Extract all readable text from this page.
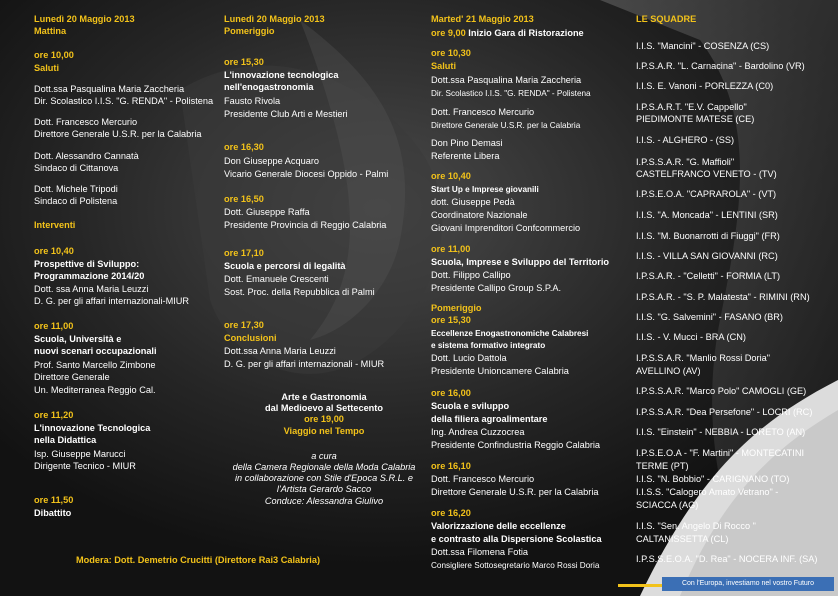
Lunedì 20 Maggio 2013

Mattina

ore 10,00

Saluti

Dott.ssa Pasqualina Maria Zaccheria

Dir. Scolastico I.I.S. "G. RENDA" - Polistena

Dott. Francesco Mercurio

Direttore Generale U.S.R. per la Calabria

Dott. Alessandro Cannatà

Sindaco di Cittanova

Dott. Michele Tripodi

Sindaco di Polistena

Interventi

ore 10,40

Prospettive di Sviluppo:

Programmazione 2014/20

Dott. ssa Anna Maria Leuzzi

D. G. per gli affari internazionali-MIUR

ore 11,00

Scuola, Università e

nuovi scenari occupazionali

Prof. Santo Marcello Zimbone

Direttore Generale

Un. Mediterranea Reggio Cal.

ore 11,20

L'innovazione Tecnologica

nella Didattica

Isp. Giuseppe Marucci

Dirigente Tecnico - MIUR

ore 11,50

Dibattito

Lunedì 20 Maggio 2013

Pomeriggio

ore 15,30

L'innovazione tecnologica

nell'enogastronomia

Fausto Rivola

Presidente Club Arti e Mestieri

ore 16,30

Don Giuseppe Acquaro

Vicario Generale Diocesi Oppido - Palmi

ore 16,50

Dott. Giuseppe Raffa

Presidente Provincia di Reggio Calabria

ore 17,10

Scuola e percorsi di legalità

Dott. Emanuele Crescenti

Sost. Proc. della Repubblica di Palmi

ore 17,30

Conclusioni

Dott.ssa Anna Maria Leuzzi

D. G. per gli affari internazionali - MIUR

Arte e Gastronomia

dal Medioevo al Settecento

ore 19,00

Viaggio nel Tempo

a cura

della Camera Regionale della Moda Calabria

in collaborazione con Stile d'Epoca S.R.L. e

l'Artista Gerardo Sacco

Conduce: Alessandra Giulivo

Marted' 21 Maggio 2013

ore 9,00 Inizio Gara di Ristorazione

ore 10,30

Saluti

Dott.ssa Pasqualina Maria Zaccheria

Dir. Scolastico I.I.S. "G. RENDA" - Polistena

Dott. Francesco Mercurio

Direttore Generale U.S.R. per la Calabria

Don Pino Demasi

Referente Libera

ore 10,40

Start Up e Imprese giovanili

dott. Giuseppe Pedà

Coordinatore Nazionale

Giovani Imprenditori Confcommercio

ore 11,00

Scuola, Imprese e Sviluppo del Territorio

Dott. Filippo Callipo

Presidente Callipo Group S.P.A.

Pomeriggio

ore 15,30

Eccellenze Enogastronomiche Calabresi

e sistema formativo integrato

Dott. Lucio Dattola

Presidente Unioncamere Calabria

ore 16,00

Scuola e sviluppo

della filiera agroalimentare

Ing. Andrea Cuzzocrea

Presidente Confindustria Reggio Calabria

ore 16,10

Dott. Francesco Mercurio

Direttore Generale U.S.R. per la Calabria

ore 16,20

Valorizzazione delle eccellenze

e contrasto alla Dispersione Scolastica

Dott.ssa Filomena Fotia

Consigliere Sottosegretario Marco Rossi Doria

LE SQUADRE

I.I.S. "Mancini" - COSENZA (CS)

I.P.S.A.R. "L. Carnacina" - Bardolino (VR)

I.I.S. E. Vanoni - PORLEZZA (C0)

I.P.S.A.R.T. "E.V. Cappello"

PIEDIMONTE MATESE (CE)

I.I.S. - ALGHERO - (SS)

I.P.S.S.A.R. "G. Maffioli"

CASTELFRANCO VENETO - (TV)

I.P.S.E.O.A. "CAPRAROLA" - (VT)

I.I.S. "A. Moncada" - LENTINI (SR)

I.I.S. "M. Buonarrotti di Fiuggi" (FR)

I.I.S. - VILLA SAN GIOVANNI (RC)

I.P.S.A.R. - "Celletti" - FORMIA (LT)

I.P.S.A.R. - "S. P. Malatesta" - RIMINI (RN)

I.I.S. "G. Salvemini" - FASANO (BR)

I.I.S. - V. Mucci - BRA (CN)

I.P.S.S.A.R. "Manlio Rossi Doria"

AVELLINO (AV)

I.P.S.S.A.R. "Marco Polo" CAMOGLI (GE)

I.P.S.S.A.R. "Dea Persefone" - LOCRI (RC)

I.I.S. "Einstein" - NEBBIA - LORETO (AN)

I.P.S.E.O.A - "F. Martini" - MONTECATINI

TERME (PT)

I.I.S. "N. Bobbio" - CARIGNANO (TO)

I.I.S.S. "Calogero Amato Vetrano" -

SCIACCA (AG)

I.I.S. "Sen. Angelo Di Rocco "

CALTANISSETTA (CL)

I.P.S.S.E.O.A. "D. Rea" - NOCERA INF. (SA)

Modera: Dott. Demetrio Crucitti (Direttore Rai3 Calabria)

Con l'Europa, investiamo nel vostro Futuro
